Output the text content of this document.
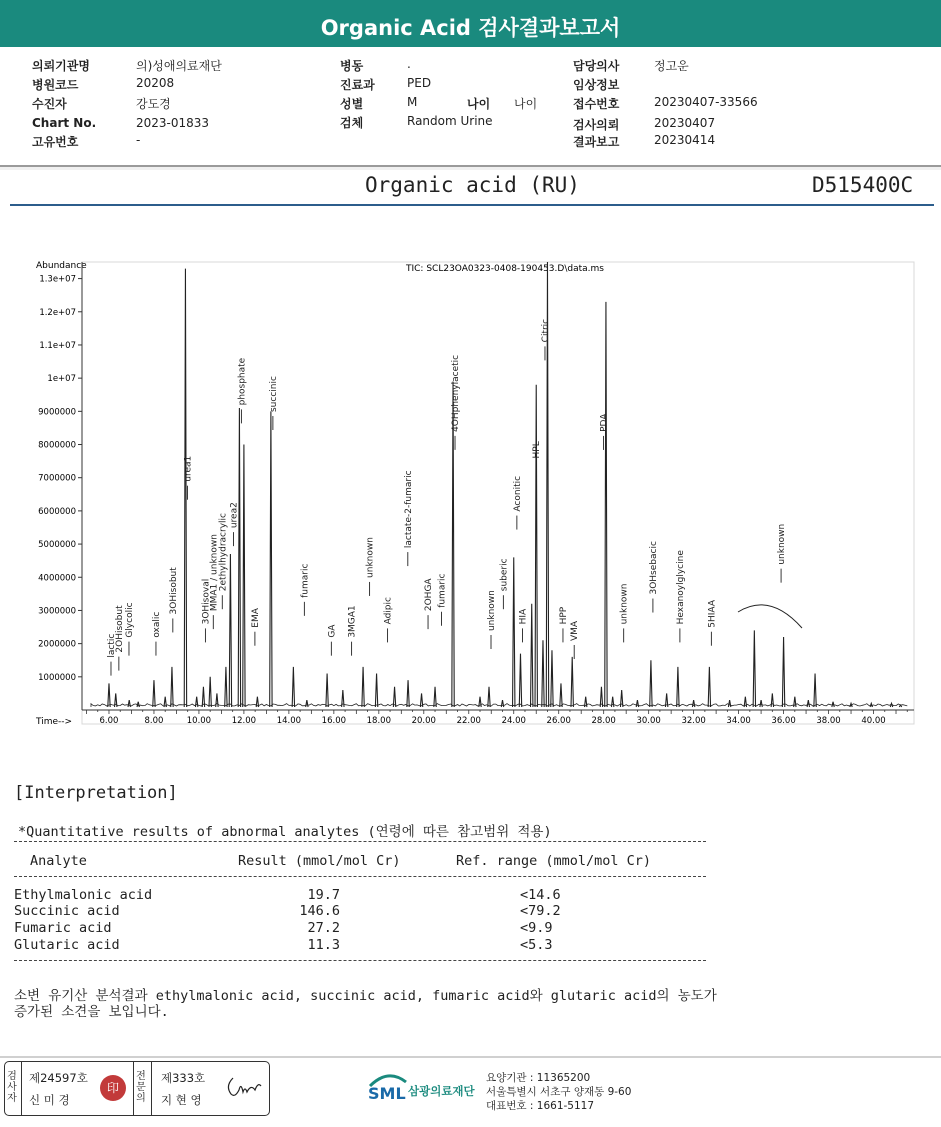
Organic Acid 검사결과보고서
의뢰기관명	의)성애의료재단
병원코드	20208
수진자	강도경
Chart No.	2023-01833
고유번호	-
병동	.
진료과	PED
성별	M
검체	Random Urine
나이 나이
담당의사	정고운
임상정보
접수번호	20230407-33566
검사의뢰	20230407
결과보고	20230414
Organic acid (RU)	D515400C
Abundance
Time-->
TIC: SCL23OA0323-0408-190453.D\data.ms
1000000
2000000
3000000
4000000
5000000
6000000
7000000
8000000
9000000
1e+07
1.1e+07
1.2e+07
1.3e+07
6.00	8.00	10.00 12.00 14.00 16.00 18.00 20.00 22.00 24.00 26.00 28.00 30.00 32.00 34.00 36.00 38.00 40.00
lactic
2OHisobut Glycolic oxalic
3OHisobut
urea1
3OHisoval
MMA1 / unknown
2ethylhydracrylic urea2
phosphate
EMA
succinic
fumaric
GA 3MGA1
unknown
Adipic
lactate-2-fumaric
2OHGA fumaric
4OHphenylacetic
unknown
suberic
HIA
Aconitic
HPL
Citric
HPP
VMA
PDA
unknown
3OHsebacic Hexanoylglycine 5HIAA
unknown
[Interpretation]
*Quantitative results of abnormal analytes (연령에 따른 참고범위 적용)
Analyte	Result (mmol/mol Cr)	Ref. range (mmol/mol Cr)
Ethylmalonic acid	19.7	<14.6
Succinic acid	146.6	<79.2
Fumaric acid	27.2	<9.9
Glutaric acid	11.3	<5.3
소변 유기산 분석결과 ethylmalonic acid, succinic acid, fumaric acid와 glutaric acid의 농도가
증가된 소견을 보입니다.
검사자
제24597호
신 미 경
印
전문의
제333호
지 현 영	SML 삼광의료재단
요양기관 : 11365200
서울특별시 서초구 양재동 9-60
대표번호 : 1661-5117
